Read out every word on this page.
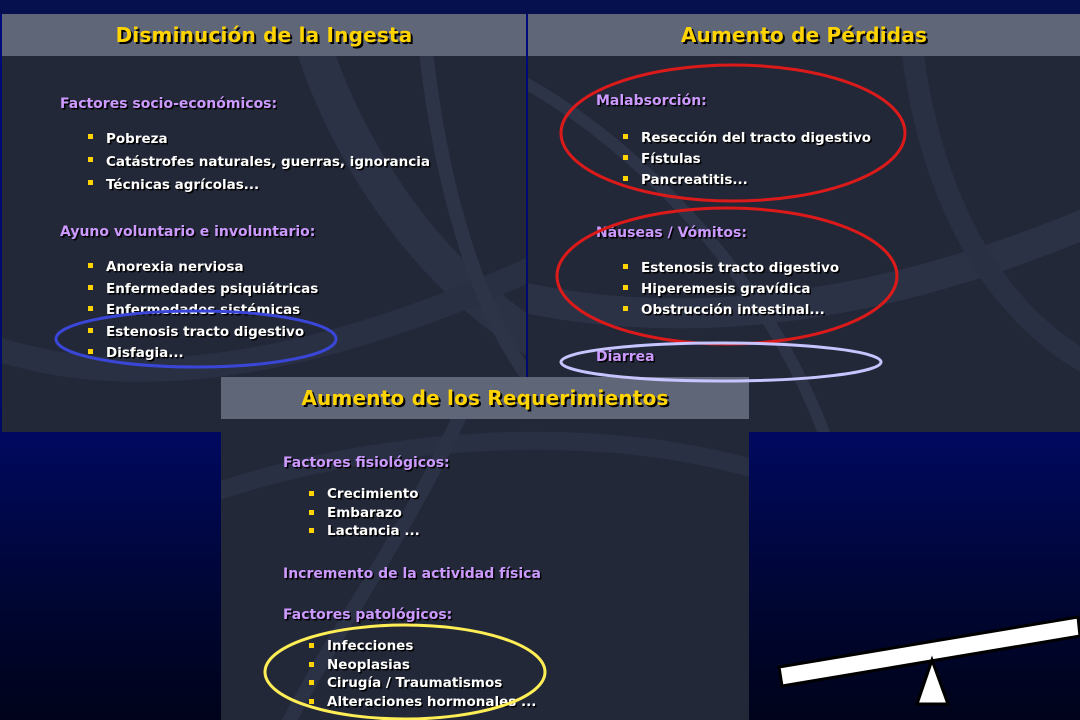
Disminución de la Ingesta
Factores socio-económicos:
Pobreza
Catástrofes naturales, guerras, ignorancia
Técnicas agrícolas...
Ayuno voluntario e involuntario:
Anorexia nerviosa
Enfermedades psiquiátricas
Enfermedades sistémicas
Estenosis tracto digestivo
Disfagia...
Aumento de Pérdidas
Malabsorción:
Resección del tracto digestivo
Fístulas
Pancreatitis...
Náuseas / Vómitos:
Estenosis tracto digestivo
Hiperemesis gravídica
Obstrucción intestinal...
Diarrea
Aumento de los Requerimientos
Factores fisiológicos:
Crecimiento
Embarazo
Lactancia ...
Incremento de la actividad física
Factores patológicos:
Infecciones
Neoplasias
Cirugía / Traumatismos
Alteraciones hormonales ...
